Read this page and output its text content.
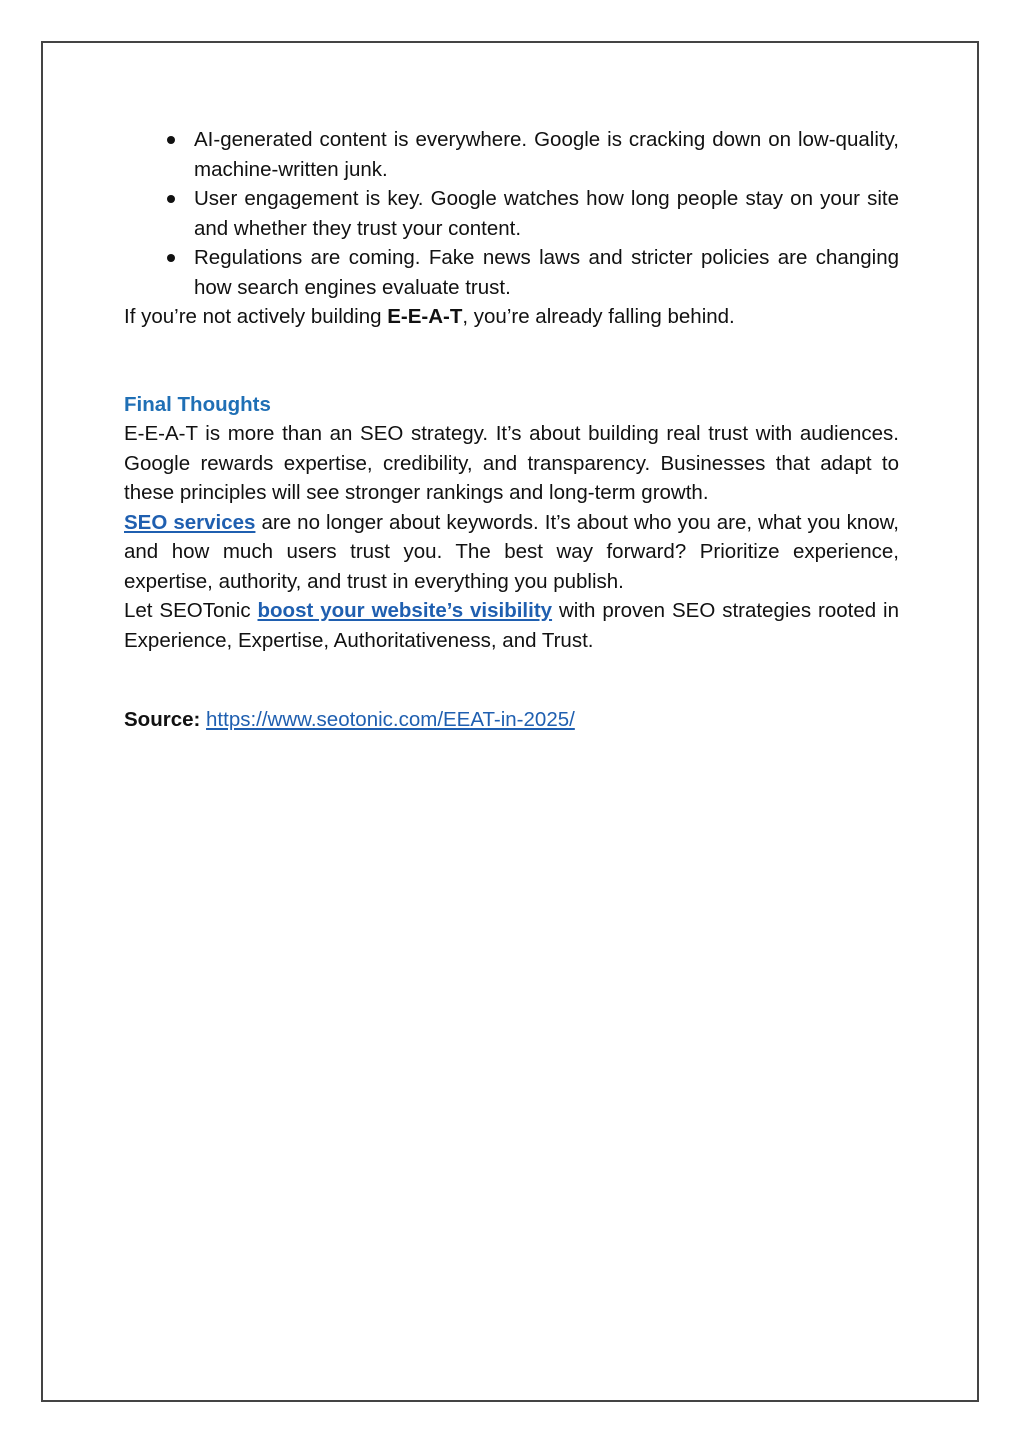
AI-generated content is everywhere. Google is cracking down on low-quality, machine-written junk.
User engagement is key. Google watches how long people stay on your site and whether they trust your content.
Regulations are coming. Fake news laws and stricter policies are changing how search engines evaluate trust.

If you’re not actively building E-E-A-T, you’re already falling behind.

Final Thoughts

E-E-A-T is more than an SEO strategy. It’s about building real trust with audiences. Google rewards expertise, credibility, and transparency. Businesses that adapt to these principles will see stronger rankings and long-term growth.

SEO services are no longer about keywords. It’s about who you are, what you know, and how much users trust you. The best way forward? Prioritize experience, expertise, authority, and trust in everything you publish.

Let SEOTonic boost your website’s visibility with proven SEO strategies rooted in Experience, Expertise, Authoritativeness, and Trust.

Source: https://www.seotonic.com/EEAT-in-2025/
